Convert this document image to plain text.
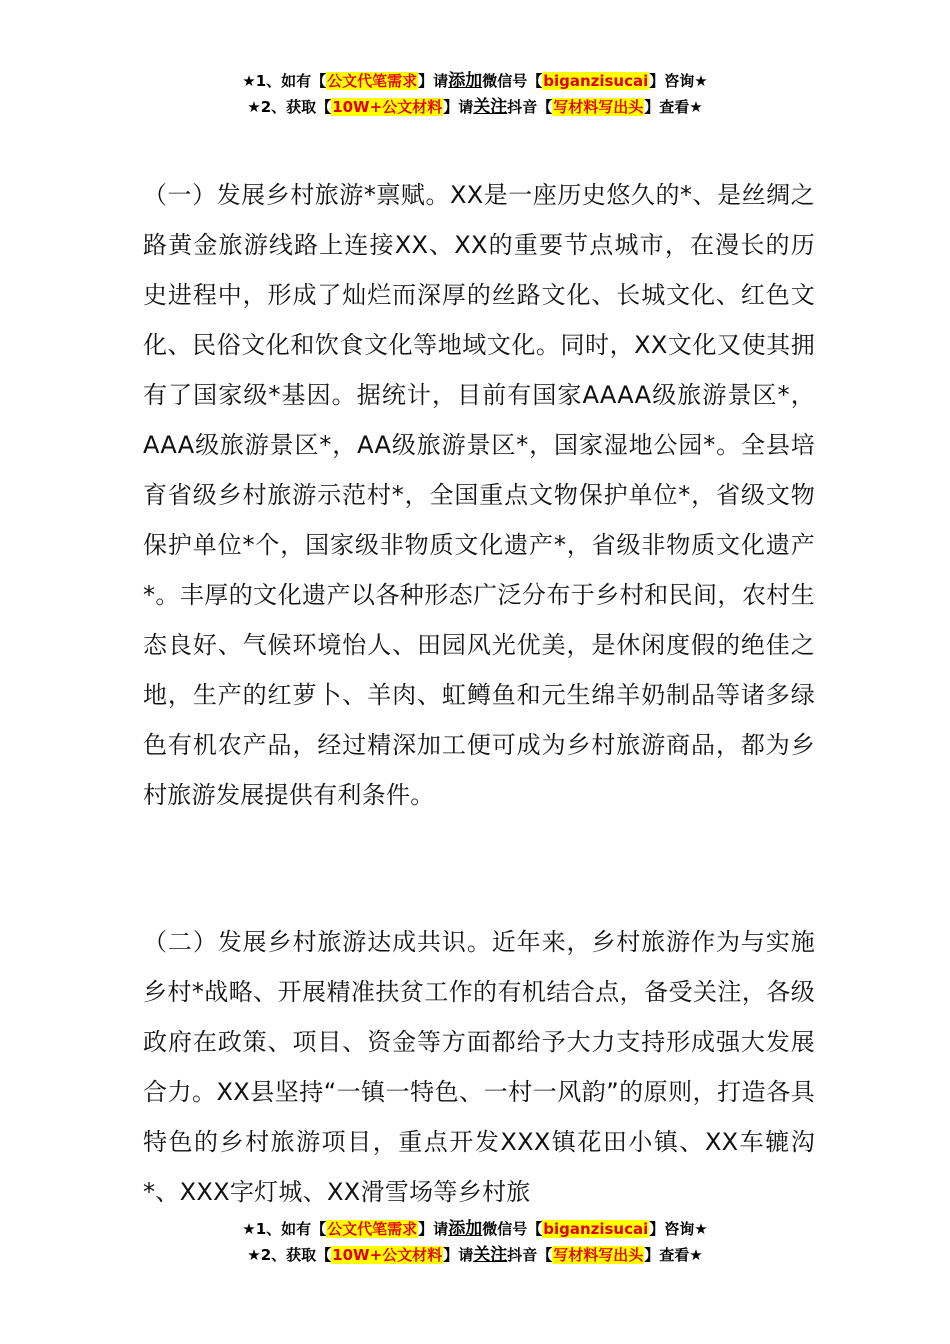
★1、如有【公文代笔需求】请添加微信号【biganzisucai】咨询★
★2、获取【10W+公文材料】请关注抖音【写材料写出头】查看★

（一）发展乡村旅游*禀赋。XX是一座历史悠久的*、是丝绸之路黄金旅游线路上连接XX、XX的重要节点城市，在漫长的历史进程中，形成了灿烂而深厚的丝路文化、长城文化、红色文化、民俗文化和饮食文化等地域文化。同时，XX文化又使其拥有了国家级*基因。据统计，目前有国家AAAA级旅游景区*，AAA级旅游景区*，AA级旅游景区*，国家湿地公园*。全县培育省级乡村旅游示范村*，全国重点文物保护单位*，省级文物保护单位*个，国家级非物质文化遗产*，省级非物质文化遗产*。丰厚的文化遗产以各种形态广泛分布于乡村和民间，农村生态良好、气候环境怡人、田园风光优美，是休闲度假的绝佳之地，生产的红萝卜、羊肉、虹鳟鱼和元生绵羊奶制品等诸多绿色有机农产品，经过精深加工便可成为乡村旅游商品，都为乡村旅游发展提供有利条件。

（二）发展乡村旅游达成共识。近年来，乡村旅游作为与实施乡村*战略、开展精准扶贫工作的有机结合点，备受关注，各级政府在政策、项目、资金等方面都给予大力支持形成强大发展合力。XX县坚持“一镇一特色、一村一风韵”的原则，打造各具特色的乡村旅游项目，重点开发XXX镇花田小镇、XX车辘沟*、XXX字灯城、XX滑雪场等乡村旅

★1、如有【公文代笔需求】请添加微信号【biganzisucai】咨询★
★2、获取【10W+公文材料】请关注抖音【写材料写出头】查看★
